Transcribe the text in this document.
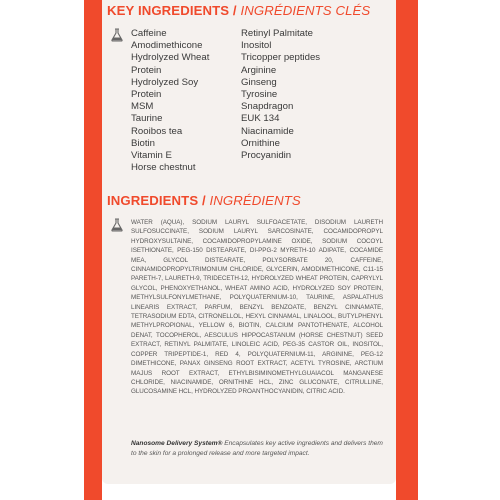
KEY INGREDIENTS / INGRÉDIENTS CLÉS
Caffeine
Amodimethicone
Hydrolyzed Wheat Protein
Hydrolyzed Soy Protein
MSM
Taurine
Rooibos tea
Biotin
Vitamin E
Horse chestnut
Retinyl Palmitate
Inositol
Tricopper peptides
Arginine
Ginseng
Tyrosine
Snapdragon
EUK 134
Niacinamide
Ornithine
Procyanidin
INGREDIENTS / INGRÉDIENTS
WATER (AQUA), SODIUM LAURYL SULFOACETATE, DISODIUM LAURETH SULFOSUCCINATE, SODIUM LAURYL SARCOSINATE, COCAMIDOPROPYL HYDROXYSULTAINE, COCAMIDOPROPYLAMINE OXIDE, SODIUM COCOYL ISETHIONATE, PEG-150 DISTEARATE, DI-PPG-2 MYRETH-10 ADIPATE, COCAMIDE MEA, GLYCOL DISTEARATE, POLYSORBATE 20, CAFFEINE, CINNAMIDOPROPYLTRIMONIUM CHLORIDE, GLYCERIN, AMODIMETHICONE, C11-15 PARETH-7, LAURETH-9, TRIDECETH-12, HYDROLYZED WHEAT PROTEIN, CAPRYLYL GLYCOL, PHENOXYETHANOL, WHEAT AMINO ACID, HYDROLYZED SOY PROTEIN, METHYLSULFONYLMETHANE, POLYQUATERNIUM-10, TAURINE, ASPALATHUS LINEARIS EXTRACT, PARFUM, BENZYL BENZOATE, BENZYL CINNAMATE, TETRASODIUM EDTA, CITRONELLOL, HEXYL CINNAMAL, LINALOOL, BUTYLPHENYL METHYLPROPIONAL, YELLOW 6, BIOTIN, CALCIUM PANTOTHENATE, ALCOHOL DENAT, TOCOPHEROL, AESCULUS HIPPOCASTANUM (HORSE CHESTNUT) SEED EXTRACT, RETINYL PALMITATE, LINOLEIC ACID, PEG-35 CASTOR OIL, INOSITOL, COPPER TRIPEPTIDE-1, RED 4, POLYQUATERNIUM-11, ARGININE, PEG-12 DIMETHICONE, PANAX GINSENG ROOT EXTRACT, ACETYL TYROSINE, ARCTIUM MAJUS ROOT EXTRACT, ETHYLBISIMINOMETHYLGUAIACOL MANGANESE CHLORIDE, NIACINAMIDE, ORNITHINE HCL, ZINC GLUCONATE, CITRULLINE, GLUCOSAMINE HCL, HYDROLYZED PROANTHOCYANIDIN, CITRIC ACID.
Nanosome Delivery System® Encapsulates key active ingredients and delivers them to the skin for a prolonged release and more targeted impact.
